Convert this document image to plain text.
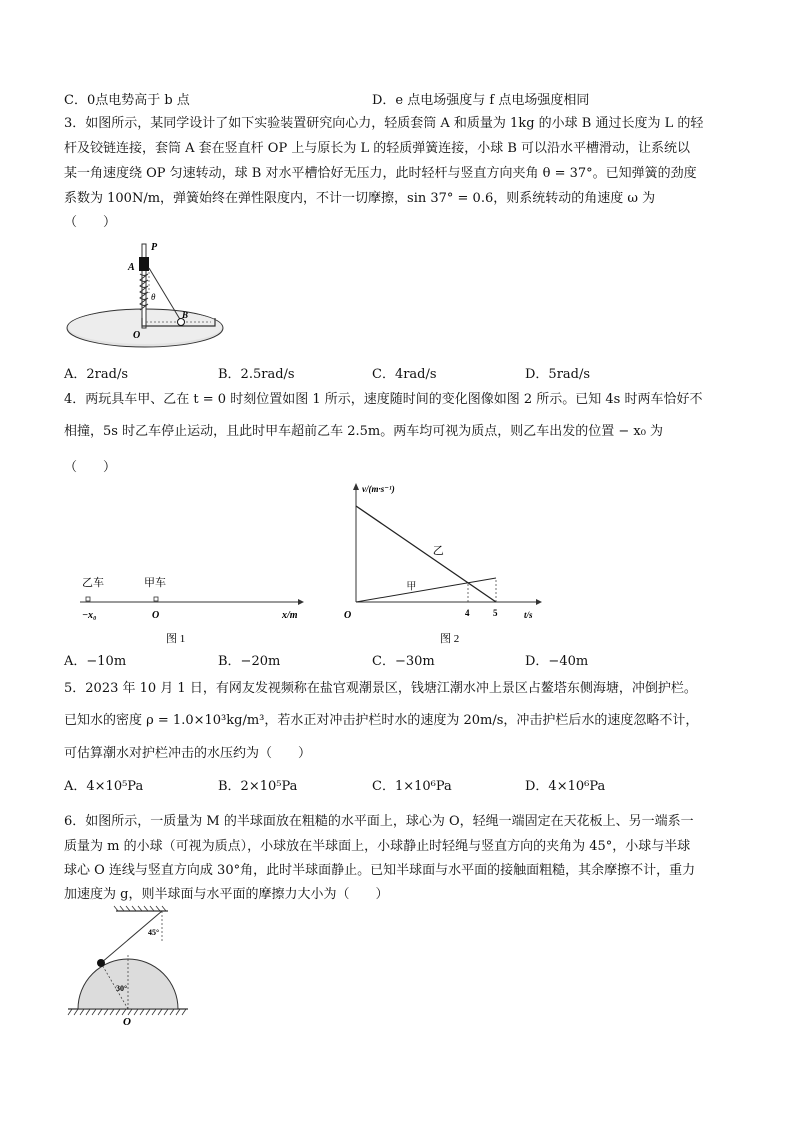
C．0点电势高于 b 点	D．e 点电场强度与 f 点电场强度相同
3．如图所示，某同学设计了如下实验装置研究向心力，轻质套筒 A 和质量为 1kg 的小球 B 通过长度为 L 的轻
杆及铰链连接，套筒 A 套在竖直杆 OP 上与原长为 L 的轻质弹簧连接，小球 B 可以沿水平槽滑动，让系统以
某一角速度绕 OP 匀速转动，球 B 对水平槽恰好无压力，此时轻杆与竖直方向夹角 θ = 37°。已知弹簧的劲度
系数为 100N/m，弹簧始终在弹性限度内，不计一切摩擦，sin 37° = 0.6，则系统转动的角速度 ω 为
（　　）
P
A
θ
B
O
A．2rad/s	B．2.5rad/s	C．4rad/s	D．5rad/s
4．两玩具车甲、乙在 t = 0 时刻位置如图 1 所示，速度随时间的变化图像如图 2 所示。已知 4s 时两车恰好不
相撞，5s 时乙车停止运动，且此时甲车超前乙车 2.5m。两车均可视为质点，则乙车出发的位置 − x₀ 为
（　　）
乙车	甲车
−x₀	O	x/m
图 1
v/(m·s⁻¹)
t/s
O	4	5
乙
甲
图 2
A．−10m	B．−20m	C．−30m	D．−40m
5．2023 年 10 月 1 日，有网友发视频称在盐官观潮景区，钱塘江潮水冲上景区占鳌塔东侧海塘，冲倒护栏。
已知水的密度 ρ = 1.0×10³kg/m³，若水正对冲击护栏时水的速度为 20m/s，冲击护栏后水的速度忽略不计，
可估算潮水对护栏冲击的水压约为（　　）
A．4×10⁵Pa	B．2×10⁵Pa	C．1×10⁶Pa	D．4×10⁶Pa
6．如图所示，一质量为 M 的半球面放在粗糙的水平面上，球心为 O，轻绳一端固定在天花板上、另一端系一
质量为 m 的小球（可视为质点），小球放在半球面上，小球静止时轻绳与竖直方向的夹角为 45°，小球与半球
球心 O 连线与竖直方向成 30°角，此时半球面静止。已知半球面与水平面的接触面粗糙，其余摩擦不计，重力
加速度为 g，则半球面与水平面的摩擦力大小为（　　）
45°
30°
O
